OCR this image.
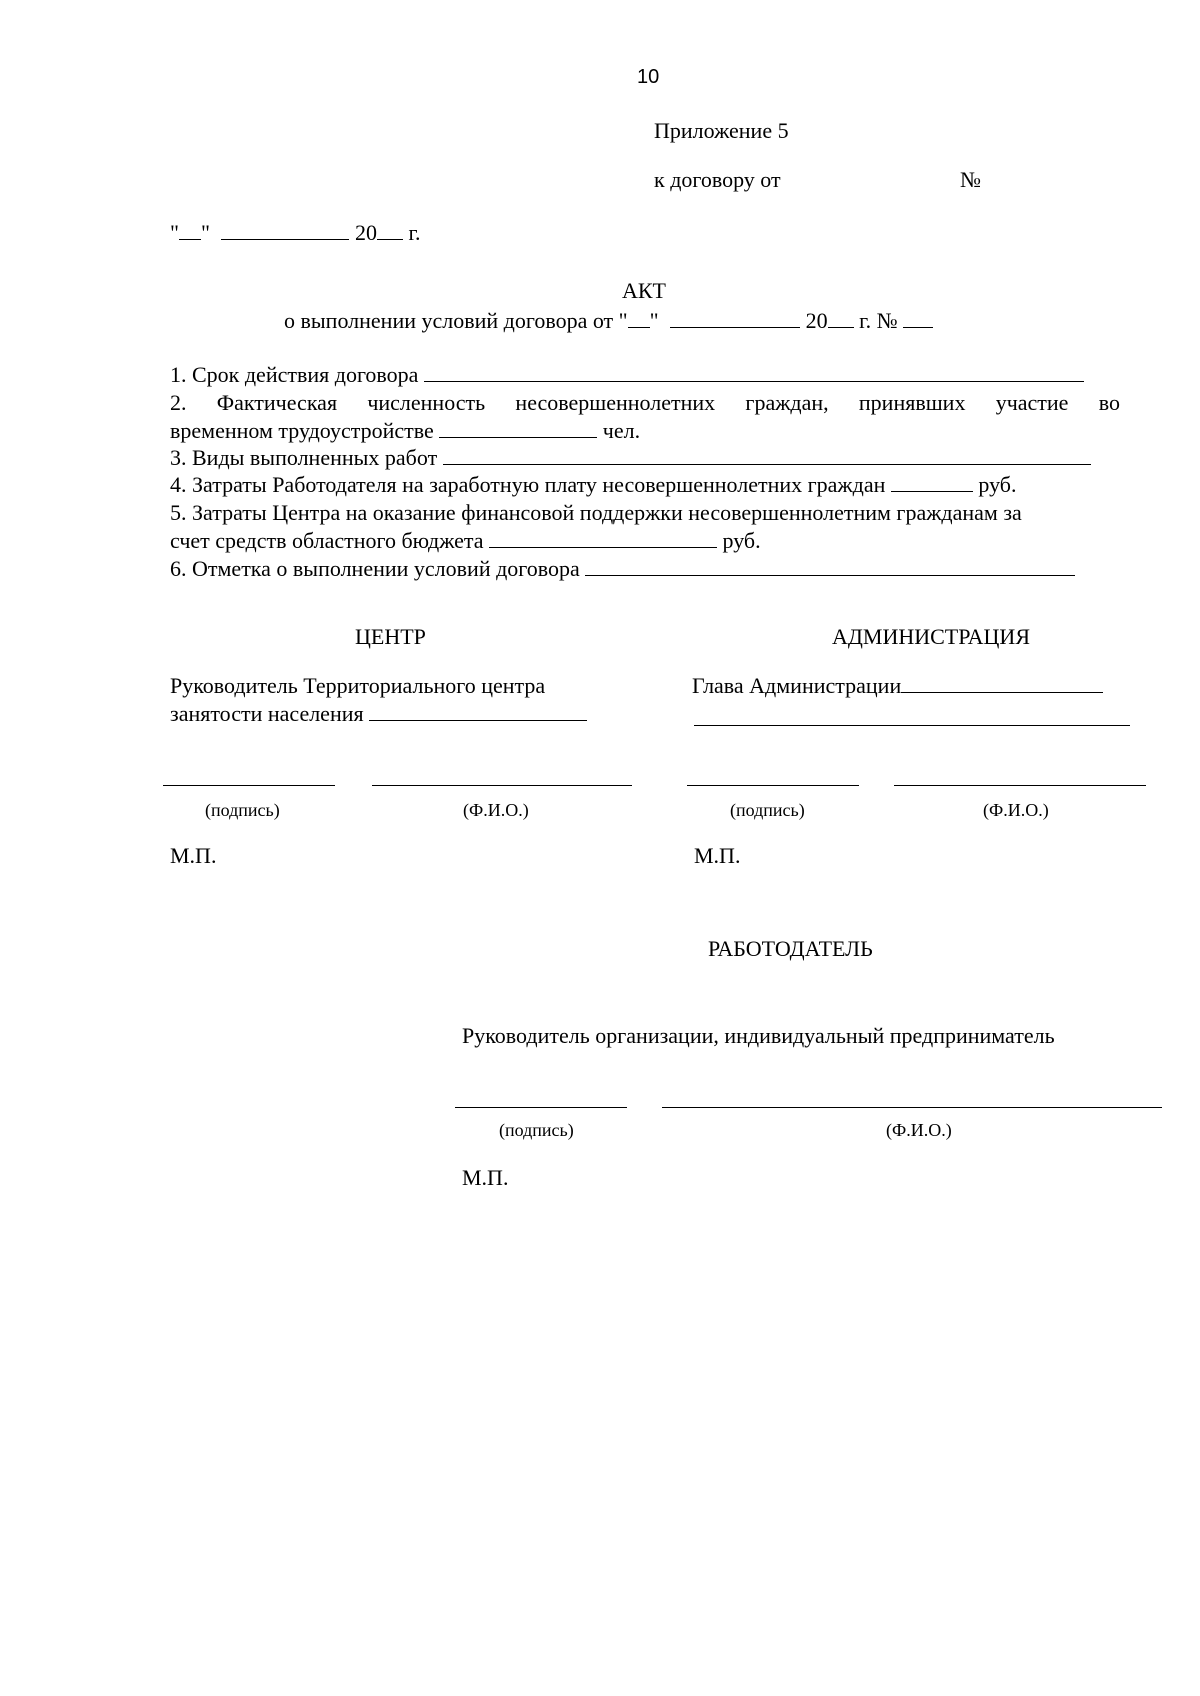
10
Приложение 5
к договору от	№
" "	20 г.
АКТ
о выполнении условий договора от " "	20 г. №
1. Срок действия договора
2. Фактическая численность несовершеннолетних граждан, принявших участие во
временном трудоустройстве	чел.
3. Виды выполненных работ
4. Затраты Работодателя на заработную плату несовершеннолетних граждан	руб.
5. Затраты Центра на оказание финансовой поддержки несовершеннолетним гражданам за
счет средств областного бюджета	руб.
6. Отметка о выполнении условий договора
ЦЕНТР
Руководитель Территориального центра
занятости населения
(подпись)	(Ф.И.О.)
М.П.
АДМИНИСТРАЦИЯ
Глава Администрации
(подпись)	(Ф.И.О.)
М.П.
РАБОТОДАТЕЛЬ
Руководитель организации, индивидуальный предприниматель
(подпись)	(Ф.И.О.)
М.П.
